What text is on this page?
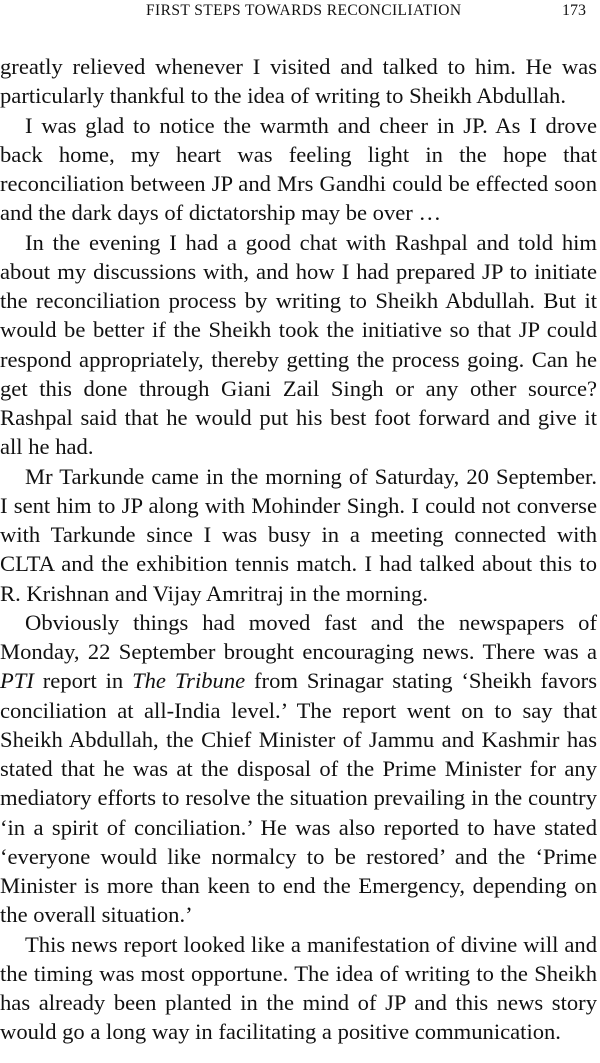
FIRST STEPS TOWARDS RECONCILIATION	173

greatly relieved whenever I visited and talked to him. He was particularly thankful to the idea of writing to Sheikh Abdullah.

I was glad to notice the warmth and cheer in JP. As I drove back home, my heart was feeling light in the hope that reconciliation between JP and Mrs Gandhi could be effected soon and the dark days of dictatorship may be over …

In the evening I had a good chat with Rashpal and told him about my discussions with, and how I had prepared JP to initiate the reconciliation process by writing to Sheikh Abdullah. But it would be better if the Sheikh took the initiative so that JP could respond appropriately, thereby getting the process going. Can he get this done through Giani Zail Singh or any other source? Rashpal said that he would put his best foot forward and give it all he had.

Mr Tarkunde came in the morning of Saturday, 20 September. I sent him to JP along with Mohinder Singh. I could not converse with Tarkunde since I was busy in a meeting connected with CLTA and the exhibition tennis match. I had talked about this to R. Krishnan and Vijay Amritraj in the morning.

Obviously things had moved fast and the newspapers of Monday, 22 September brought encouraging news. There was a PTI report in The Tribune from Srinagar stating ‘Sheikh favors conciliation at all-India level.’ The report went on to say that Sheikh Abdullah, the Chief Minister of Jammu and Kashmir has stated that he was at the disposal of the Prime Minister for any mediatory efforts to resolve the situation prevailing in the country ‘in a spirit of conciliation.’ He was also reported to have stated ‘everyone would like normalcy to be restored’ and the ‘Prime Minister is more than keen to end the Emergency, depending on the overall situation.’

This news report looked like a manifestation of divine will and the timing was most opportune. The idea of writing to the Sheikh has already been planted in the mind of JP and this news story would go a long way in facilitating a positive communication.
